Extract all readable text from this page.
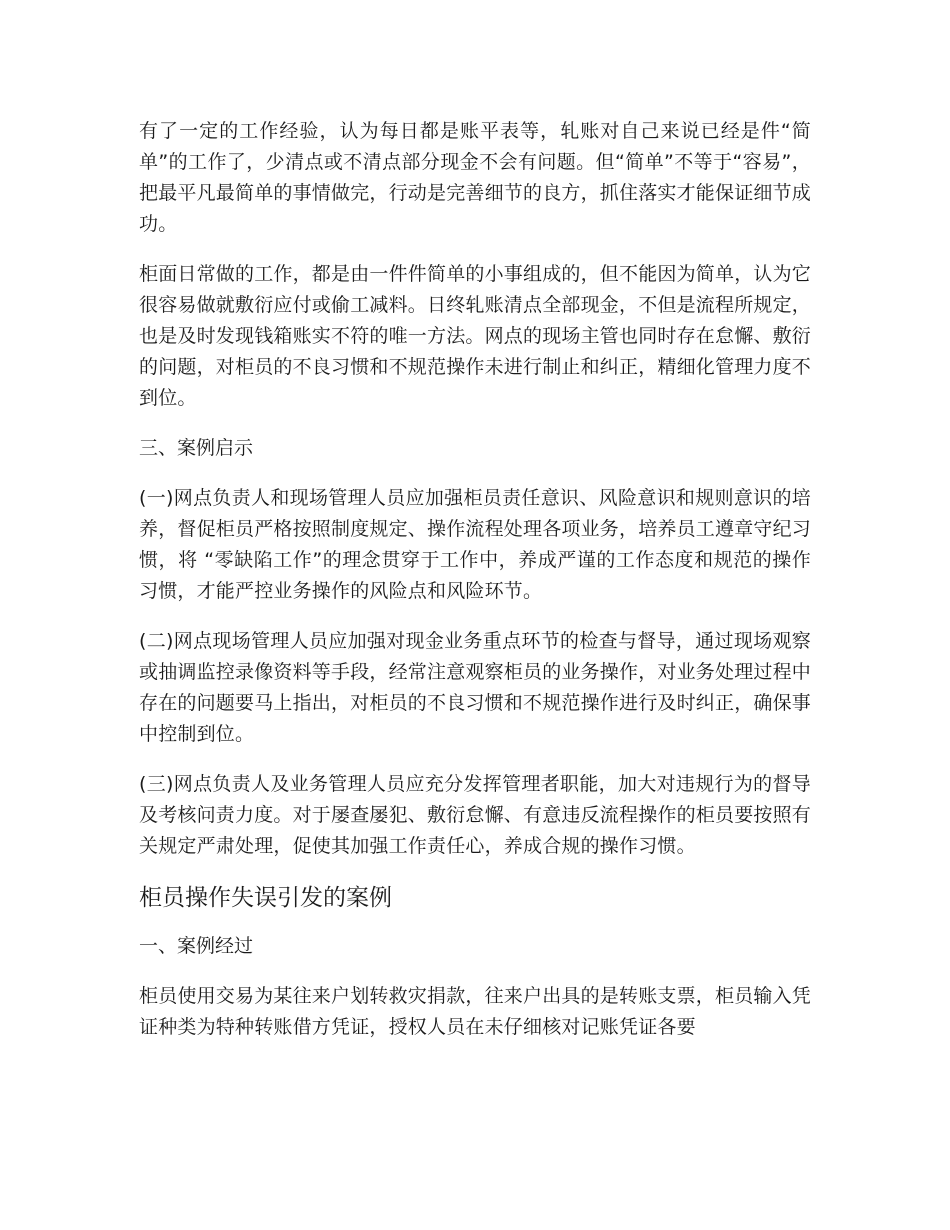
有了一定的工作经验，认为每日都是账平表等，轧账对自己来说已经是件“简单”的工作了，少清点或不清点部分现金不会有问题。但“简单”不等于“容易”，把最平凡最简单的事情做完，行动是完善细节的良方，抓住落实才能保证细节成功。

柜面日常做的工作，都是由一件件简单的小事组成的，但不能因为简单，认为它很容易做就敷衍应付或偷工减料。日终轧账清点全部现金，不但是流程所规定，也是及时发现钱箱账实不符的唯一方法。网点的现场主管也同时存在怠懈、敷衍的问题，对柜员的不良习惯和不规范操作未进行制止和纠正，精细化管理力度不到位。

三、案例启示

(一)网点负责人和现场管理人员应加强柜员责任意识、风险意识和规则意识的培养，督促柜员严格按照制度规定、操作流程处理各项业务，培养员工遵章守纪习惯，将 “零缺陷工作”的理念贯穿于工作中，养成严谨的工作态度和规范的操作习惯，才能严控业务操作的风险点和风险环节。

(二)网点现场管理人员应加强对现金业务重点环节的检查与督导，通过现场观察或抽调监控录像资料等手段，经常注意观察柜员的业务操作，对业务处理过程中存在的问题要马上指出，对柜员的不良习惯和不规范操作进行及时纠正，确保事中控制到位。

(三)网点负责人及业务管理人员应充分发挥管理者职能，加大对违规行为的督导及考核问责力度。对于屡查屡犯、敷衍怠懈、有意违反流程操作的柜员要按照有关规定严肃处理，促使其加强工作责任心，养成合规的操作习惯。

柜员操作失误引发的案例
一、案例经过

柜员使用交易为某往来户划转救灾捐款，往来户出具的是转账支票，柜员输入凭证种类为特种转账借方凭证，授权人员在未仔细核对记账凭证各要
